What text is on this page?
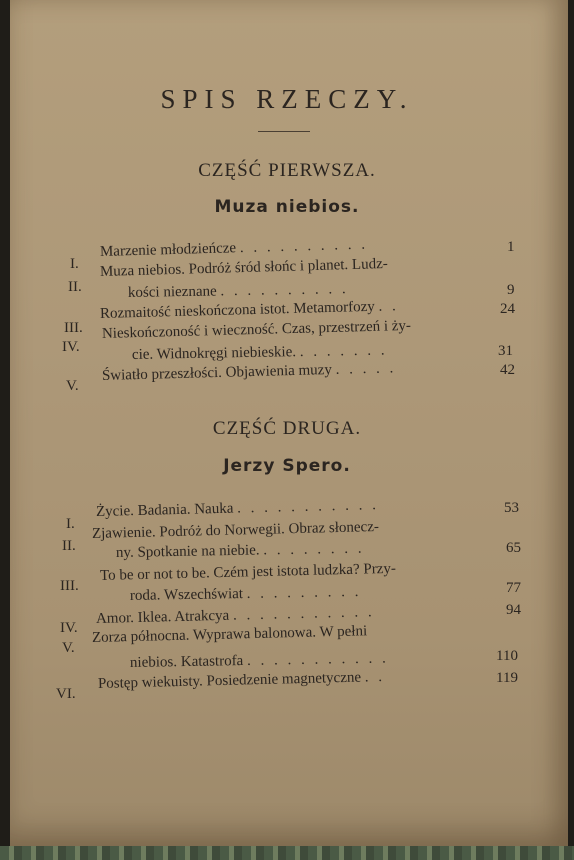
SPIS RZECZY.
CZĘŚĆ PIERWSZA.
Muza niebios.
I.
Marzenie młodzieńcze . . . . . . . . . .	1
II.
Muza niebios. Podróż śród słońc i planet. Ludz-
kości nieznane . . . . . . . . . .	9
III.
Rozmaitość nieskończona istot. Metamorfozy . .	24
IV.
Nieskończoność i wieczność. Czas, przestrzeń i ży-
cie. Widnokręgi niebieskie. . . . . . . .	31
V.
Światło przeszłości. Objawienia muzy . . . . .	42
CZĘŚĆ DRUGA.
Jerzy Spero.
I.
Życie. Badania. Nauka . . . . . . . . . . .	53
II.
Zjawienie. Podróż do Norwegii. Obraz słonecz-
ny. Spotkanie na niebie. . . . . . . . .	65
III.
To be or not to be. Czém jest istota ludzka? Przy-
roda. Wszechświat . . . . . . . . .	77
IV.
Amor. Iklea. Atrakcya . . . . . . . . . . .	94
V.
Zorza północna. Wyprawa balonowa. W pełni
niebios. Katastrofa . . . . . . . . . . .	110
VI.
Postęp wiekuisty. Posiedzenie magnetyczne . .	119
